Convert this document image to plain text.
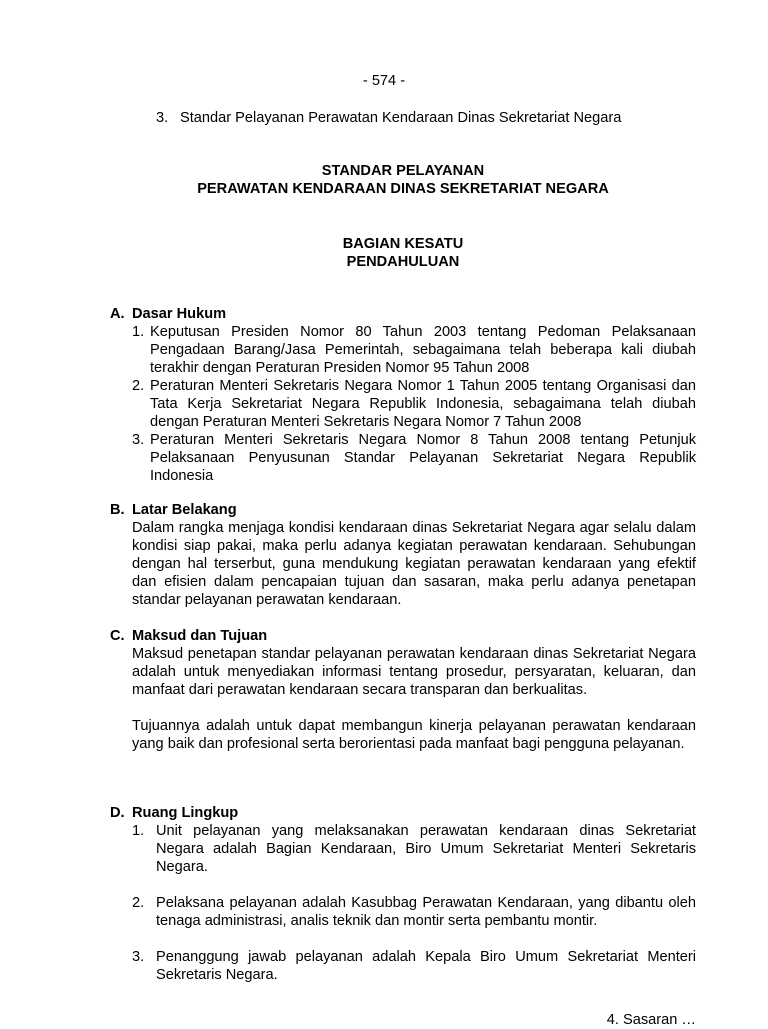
- 574 -
3. Standar Pelayanan Perawatan Kendaraan Dinas Sekretariat Negara
STANDAR PELAYANAN
PERAWATAN KENDARAAN DINAS SEKRETARIAT NEGARA
BAGIAN KESATU
PENDAHULUAN
A. Dasar Hukum
1. Keputusan Presiden Nomor 80 Tahun 2003 tentang Pedoman Pelaksanaan Pengadaan Barang/Jasa Pemerintah, sebagaimana telah beberapa kali diubah terakhir dengan Peraturan Presiden Nomor 95 Tahun 2008
2. Peraturan Menteri Sekretaris Negara Nomor 1 Tahun 2005 tentang Organisasi dan Tata Kerja Sekretariat Negara Republik Indonesia, sebagaimana telah diubah dengan Peraturan Menteri Sekretaris Negara Nomor 7 Tahun 2008
3. Peraturan Menteri Sekretaris Negara Nomor 8 Tahun 2008 tentang Petunjuk Pelaksanaan Penyusunan Standar Pelayanan Sekretariat Negara Republik Indonesia
B. Latar Belakang
Dalam rangka menjaga kondisi kendaraan dinas Sekretariat Negara agar selalu dalam kondisi siap pakai, maka perlu adanya kegiatan perawatan kendaraan. Sehubungan dengan hal terserbut, guna mendukung kegiatan perawatan kendaraan yang efektif dan efisien dalam pencapaian tujuan dan sasaran, maka perlu adanya penetapan standar pelayanan perawatan kendaraan.
C. Maksud dan Tujuan
Maksud penetapan standar pelayanan perawatan kendaraan dinas Sekretariat Negara adalah untuk menyediakan informasi tentang prosedur, persyaratan, keluaran, dan manfaat dari perawatan kendaraan secara transparan dan berkualitas.
Tujuannya adalah untuk dapat membangun kinerja pelayanan perawatan kendaraan yang baik dan profesional serta berorientasi pada manfaat bagi pengguna pelayanan.
D. Ruang Lingkup
1. Unit pelayanan yang melaksanakan perawatan kendaraan dinas Sekretariat Negara adalah Bagian Kendaraan, Biro Umum Sekretariat Menteri Sekretaris Negara.
2. Pelaksana pelayanan adalah Kasubbag Perawatan Kendaraan, yang dibantu oleh tenaga administrasi, analis teknik dan montir serta pembantu montir.
3. Penanggung jawab pelayanan adalah Kepala Biro Umum Sekretariat Menteri Sekretaris Negara.
4. Sasaran …
